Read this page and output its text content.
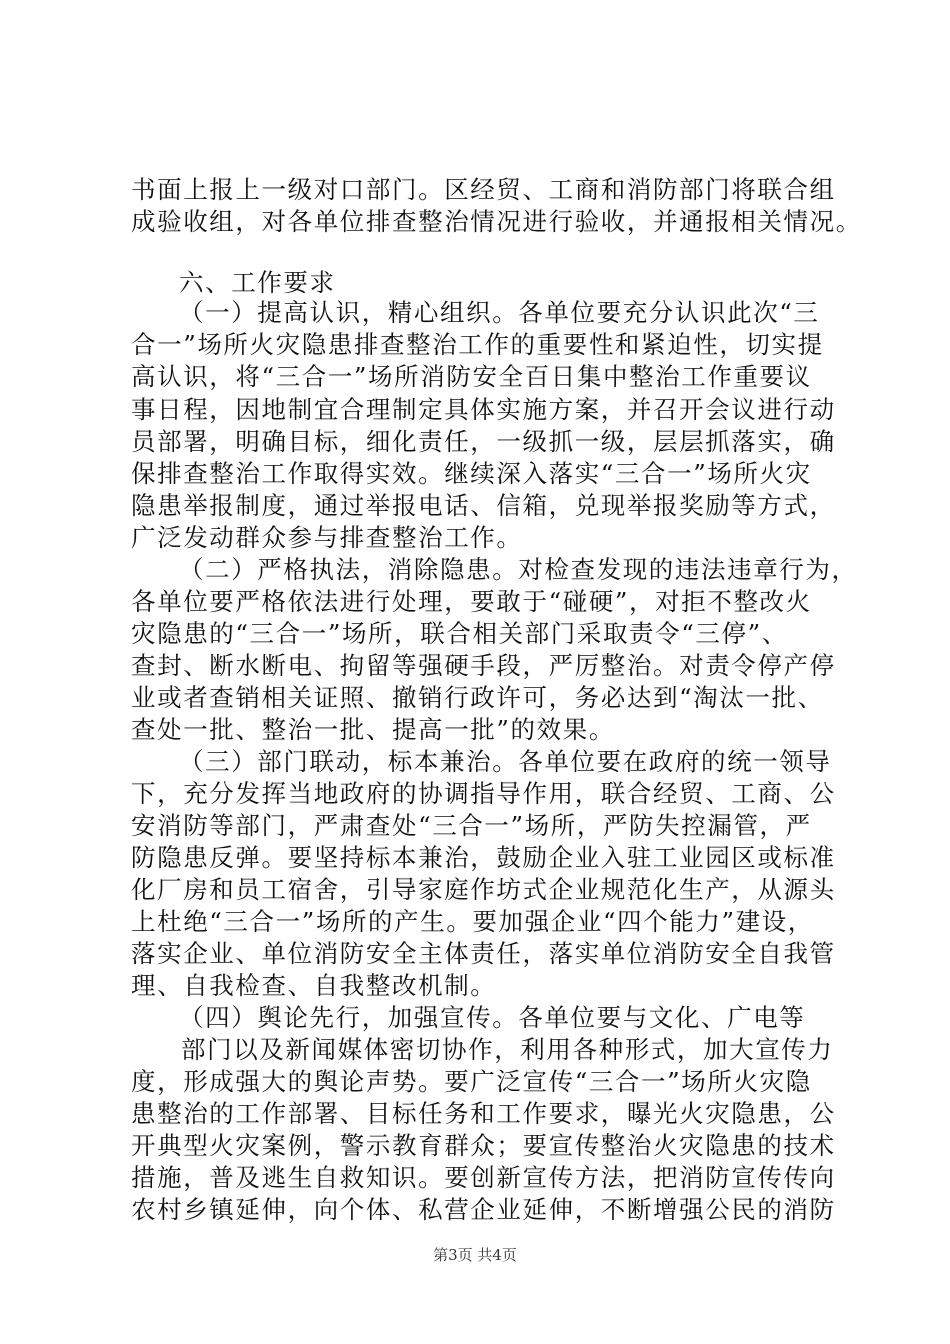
书面上报上一级对口部门。区经贸、工商和消防部门将联合组
成验收组，对各单位排查整治情况进行验收，并通报相关情况。
六、工作要求
（一）提高认识，精心组织。各单位要充分认识此次“三
合一”场所火灾隐患排查整治工作的重要性和紧迫性，切实提
高认识，将“三合一”场所消防安全百日集中整治工作重要议
事日程，因地制宜合理制定具体实施方案，并召开会议进行动
员部署，明确目标，细化责任，一级抓一级，层层抓落实，确
保排查整治工作取得实效。继续深入落实“三合一”场所火灾
隐患举报制度，通过举报电话、信箱，兑现举报奖励等方式，
广泛发动群众参与排查整治工作。
（二）严格执法，消除隐患。对检查发现的违法违章行为，
各单位要严格依法进行处理，要敢于“碰硬”，对拒不整改火
灾隐患的“三合一”场所，联合相关部门采取责令“三停”、
查封、断水断电、拘留等强硬手段，严厉整治。对责令停产停
业或者查销相关证照、撤销行政许可，务必达到“淘汰一批、
查处一批、整治一批、提高一批”的效果。
（三）部门联动，标本兼治。各单位要在政府的统一领导
下，充分发挥当地政府的协调指导作用，联合经贸、工商、公
安消防等部门，严肃查处“三合一”场所，严防失控漏管，严
防隐患反弹。要坚持标本兼治，鼓励企业入驻工业园区或标准
化厂房和员工宿舍，引导家庭作坊式企业规范化生产，从源头
上杜绝“三合一”场所的产生。要加强企业“四个能力”建设，
落实企业、单位消防安全主体责任，落实单位消防安全自我管
理、自我检查、自我整改机制。
（四）舆论先行，加强宣传。各单位要与文化、广电等
部门以及新闻媒体密切协作，利用各种形式，加大宣传力
度，形成强大的舆论声势。要广泛宣传“三合一”场所火灾隐
患整治的工作部署、目标任务和工作要求，曝光火灾隐患，公
开典型火灾案例，警示教育群众；要宣传整治火灾隐患的技术
措施，普及逃生自救知识。要创新宣传方法，把消防宣传传向
农村乡镇延伸，向个体、私营企业延伸，不断增强公民的消防
第3页 共4页
